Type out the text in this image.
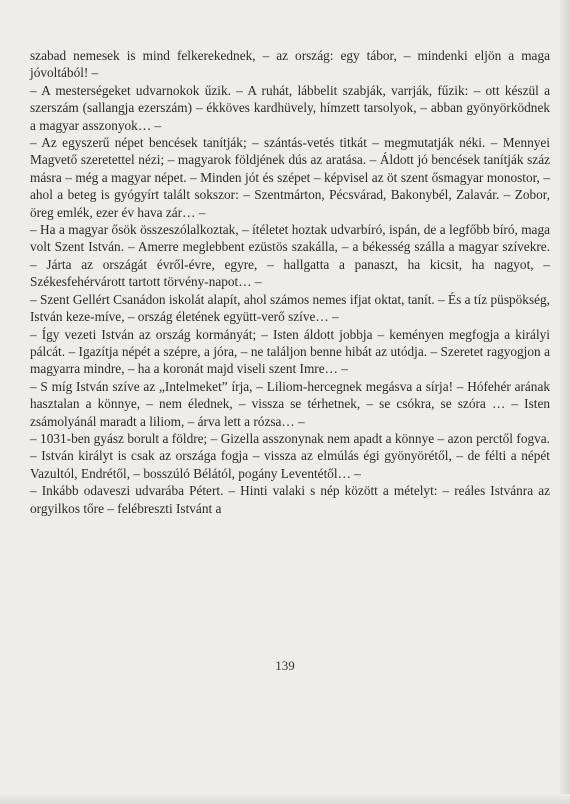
szabad nemesek is mind felkerekednek, – az ország: egy tábor, – mindenki eljön a maga jóvoltából! –

– A mesterségeket udvarnokok űzik. – A ruhát, lábbelit szabják, varrják, fűzik: – ott készül a szerszám (sallangja ezerszám) – ékköves kardhüvely, hímzett tarsolyok, – abban gyönyörködnek a magyar asszonyok… –

– Az egyszerű népet bencések tanítják; – szántás-vetés titkát – megmutatják néki. – Mennyei Magvető szeretettel nézi; – magyarok földjének dús az aratása. – Áldott jó bencések tanítják száz másra – még a magyar népet. – Minden jót és szépet – képvisel az öt szent ősmagyar monostor, – ahol a beteg is gyógyírt talált sokszor: – Szentmárton, Pécsvárad, Bakonybél, Zalavár. – Zobor, öreg emlék, ezer év hava zár… –

– Ha a magyar ősök összeszólalkoztak, – ítéletet hoztak udvarbíró, ispán, de a legfőbb bíró, maga volt Szent István. – Amerre meglebbent ezüstös szakálla, – a békesség szálla a magyar szívekre. – Járta az országát évről-évre, egyre, – hallgatta a panaszt, ha kicsit, ha nagyot, – Székesfehérvárott tartott törvény-napot… –

– Szent Gellért Csanádon iskolát alapít, ahol számos nemes ifjat oktat, tanít. – És a tíz püspökség, István keze-míve, – ország életének együtt-verő szíve… –

– Így vezeti István az ország kormányát; – Isten áldott jobbja – keményen megfogja a királyi pálcát. – Igazítja népét a szépre, a jóra, – ne találjon benne hibát az utódja. – Szeretet ragyogjon a magyarra mindre, – ha a koronát majd viseli szent Imre… –

– S míg István szíve az „Intelmeket” írja, – Liliom-hercegnek megásva a sírja! – Hófehér arának hasztalan a könnye, – nem élednek, – vissza se térhetnek, – se csókra, se szóra … – Isten zsámolyánál maradt a liliom, – árva lett a rózsa… –

– 1031-ben gyász borult a földre; – Gizella asszonynak nem apadt a könnye – azon perctől fogva. – István királyt is csak az országa fogja – vissza az elmúlás égi gyönyörétől, – de félti a népét Vazultól, Endrétől, – bosszúló Bélától, pogány Leventétől… –

– Inkább odaveszi udvarába Pétert. – Hinti valaki s nép között a mételyt: – reáles Istvánra az orgyilkos tőre – felébreszti Istvánt a

139
